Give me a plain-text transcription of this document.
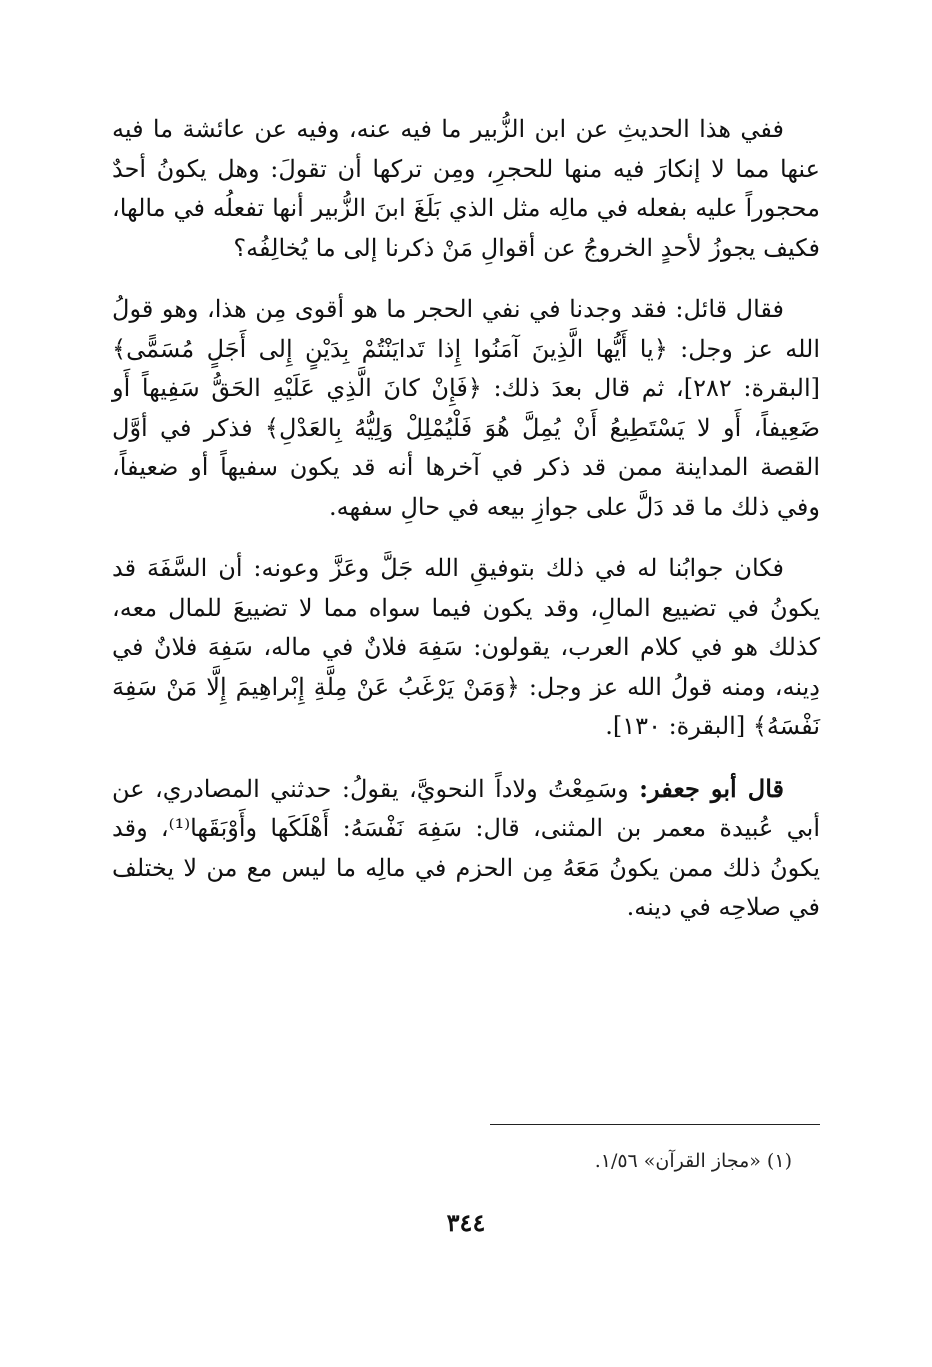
ففي هذا الحديثِ عن ابن الزُّبير ما فيه عنه، وفيه عن عائشة ما فيه عنها مما لا إنكارَ فيه منها للحجرِ، ومِن تركها أن تقولَ: وهل يكونُ أحدٌ محجوراً عليه بفعله في مالِه مثل الذي بَلَغَ ابنَ الزُّبير أنها تفعلُه في مالها، فكيف يجوزُ لأحدٍ الخروجُ عن أقوالِ مَنْ ذكرنا إلى ما يُخالِفُه؟

فقال قائل: فقد وجدنا في نفي الحجر ما هو أقوى مِن هذا، وهو قولُ الله عز وجل: ﴿يا أَيُّها الَّذِينَ آمَنُوا إِذا تَدايَنْتُمْ بِدَيْنٍ إِلى أَجَلٍ مُسَمًّى﴾ [البقرة: ٢٨٢]، ثم قال بعدَ ذلك: ﴿فَإِنْ كانَ الَّذِي عَلَيْهِ الحَقُّ سَفِيهاً أَو ضَعِيفاً، أَو لا يَسْتَطِيعُ أَنْ يُمِلَّ هُوَ فَلْيُمْلِلْ وَلِيُّهُ بِالعَدْلِ﴾ فذكر في أوَّل القصة المداينة ممن قد ذكر في آخرها أنه قد يكون سفيهاً أو ضعيفاً، وفي ذلك ما قد دَلَّ على جوازِ بيعه في حالِ سفهه.

فكان جوابُنا له في ذلك بتوفيقِ الله جَلَّ وعَزَّ وعونه: أن السَّفَهَ قد يكونُ في تضييع المالِ، وقد يكون فيما سواه مما لا تضييعَ للمال معه، كذلك هو في كلام العرب، يقولون: سَفِهَ فلانٌ في ماله، سَفِهَ فلانٌ في دِينه، ومنه قولُ الله عز وجل: ﴿وَمَنْ يَرْغَبُ عَنْ مِلَّةِ إِبْراهِيمَ إِلَّا مَنْ سَفِهَ نَفْسَهُ﴾ [البقرة: ١٣٠].

قال أبو جعفر: وسَمِعْتُ ولاداً النحويَّ، يقولُ: حدثني المصادري، عن أبي عُبيدة معمر بن المثنى، قال: سَفِهَ نَفْسَهُ: أَهْلَكَها وأَوْبَقَها⁽¹⁾، وقد يكونُ ذلك ممن يكونُ مَعَهُ مِن الحزم في مالِه ما ليس مع من لا يختلف في صلاحِه في دينه.

(١) «مجاز القرآن» ١/٥٦.
٣٤٤
